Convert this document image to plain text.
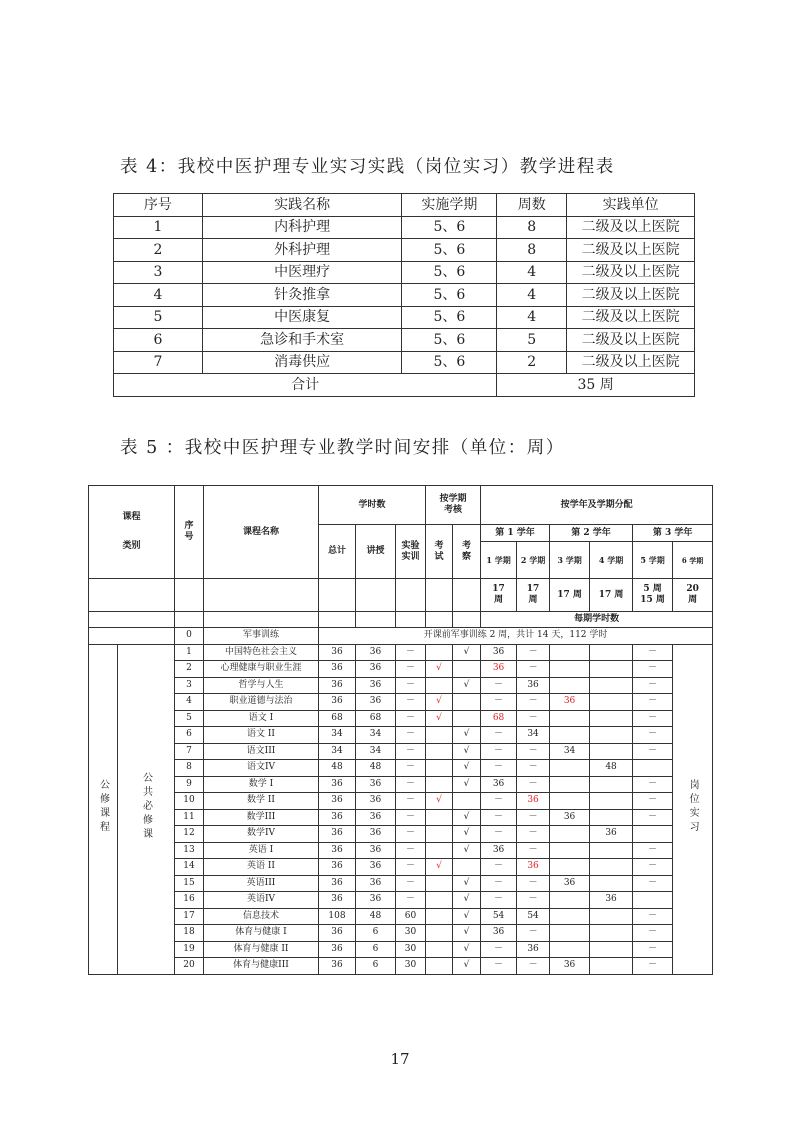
表 4：我校中医护理专业实习实践（岗位实习）教学进程表
序号	实践名称	实施学期	周数	实践单位
1	内科护理	5、6	8	二级及以上医院
2	外科护理	5、6	8	二级及以上医院
3	中医理疗	5、6	4	二级及以上医院
4	针灸推拿	5、6	4	二级及以上医院
5	中医康复	5、6	4	二级及以上医院
6	急诊和手术室	5、6	5	二级及以上医院
7	消毒供应	5、6	2	二级及以上医院
合计			35 周	
表 5 ：我校中医护理专业教学时间安排（单位：周）
课程
类别		序号	课程名称	学时数			按学期考核		按学年及学期分配					
				总计	讲授	实验实训	考试	考察	第 1 学年		第 2 学年		第 3 学年	
									1 学期	2 学期	3 学期	4 学期	5 学期	6 学期

									17 周	17 周	17 周	17 周	5 周 15 周	20 周

									每期学时数					
		0	军事训练	开课前军事训练 2 周，共计 14 天，112 学时										
公修课程	公共必修课	1	中国特色社会主义	36	36	－		√	36	－			－	岗位实习
		2	心理健康与职业生涯	36	36	－	√		36	－			－	
		3	哲学与人生	36	36	－		√	－	36			－	
		4	职业道德与法治	36	36	－	√		－	－	36		－	
		5	语文 I	68	68	－	√		68	－			－	
		6	语文 II	34	34	－		√	－	34			－	
		7	语文III	34	34	－		√	－	－	34		－	
		8	语文IV	48	48	－		√	－	－		48		
		9	数学 I	36	36	－		√	36	－			－	
		10	数学 II	36	36	－	√		－	36			－	
		11	数学III	36	36	－		√	－	－	36		－	
		12	数学IV	36	36	－		√	－	－		36		
		13	英语 I	36	36	－		√	36	－			－	
		14	英语 II	36	36	－	√		－	36			－	
		15	英语III	36	36	－		√	－	－	36		－	
		16	英语IV	36	36	－		√	－	－		36		
		17	信息技术	108	48	60		√	54	54			－	
		18	体育与健康 I	36	6	30		√	36	－			－	
		19	体育与健康 II	36	6	30		√	－	36			－	
		20	体育与健康III	36	6	30		√	－	－	36		－	
17
